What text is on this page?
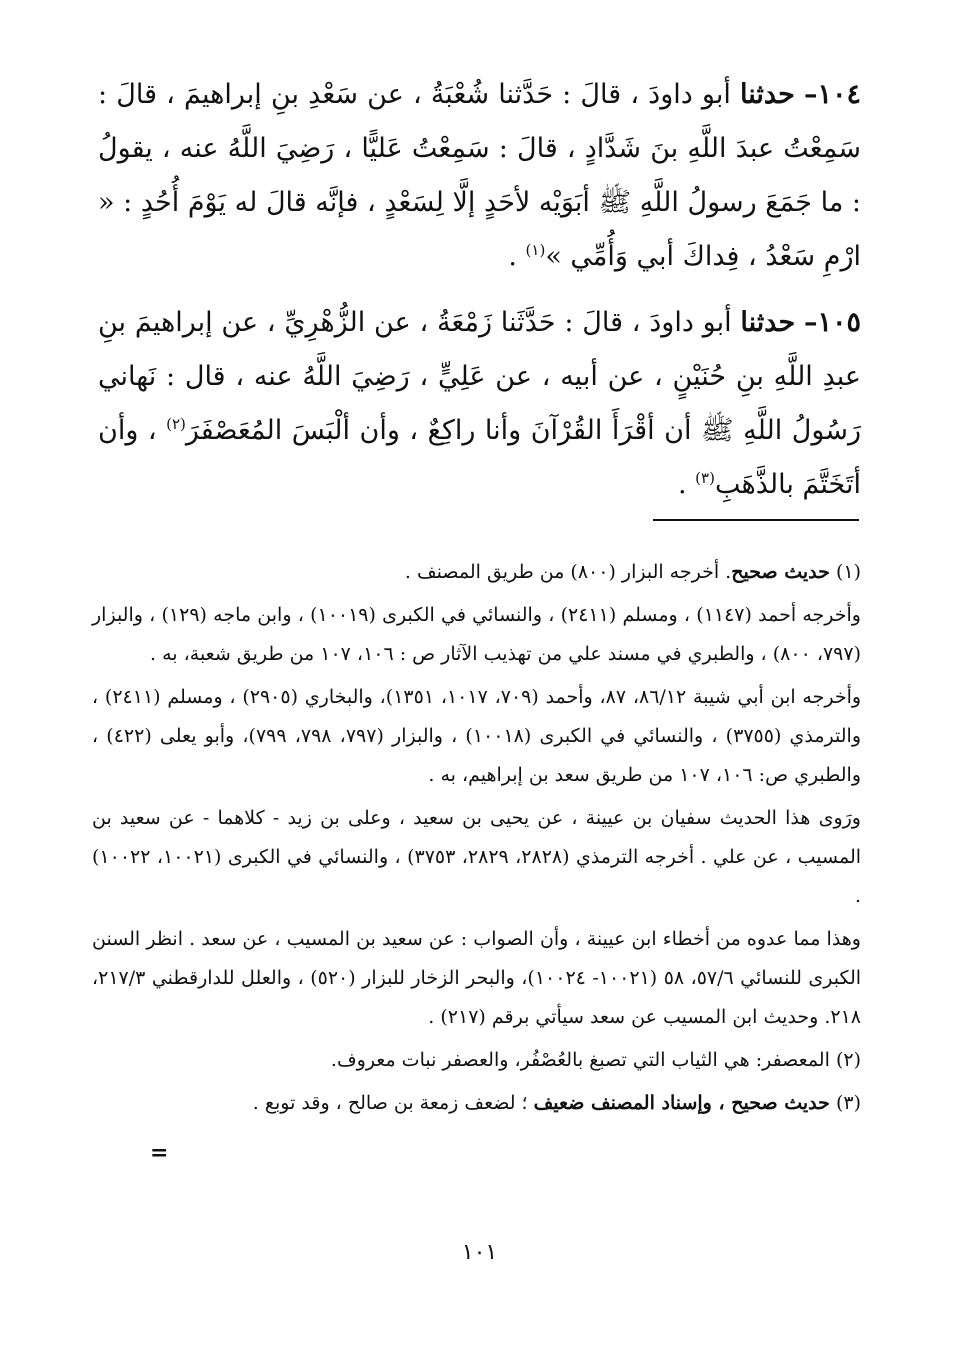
١٠٤– حدثنا أبو داودَ ، قالَ : حَدَّثنا شُعْبَةُ ، عن سَعْدِ بنِ إبراهيمَ ، قالَ : سَمِعْتُ عبدَ اللَّهِ بنَ شَدَّادٍ ، قالَ : سَمِعْتُ عَليًّا ، رَضِيَ اللَّهُ عنه ، يقولُ : ما جَمَعَ رسولُ اللَّهِ ﷺ أبَوَيْه لأحَدٍ إلَّا لِسَعْدٍ ، فإنَّه قالَ له يَوْمَ أُحُدٍ : « ارْمِ سَعْدُ ، فِداكَ أبي وَأُمِّي »$^{(١)}$ .

١٠٥– حدثنا أبو داودَ ، قالَ : حَدَّثَنا زَمْعَةُ ، عن الزُّهْرِيِّ ، عن إبراهيمَ بنِ عبدِ اللَّهِ بنِ حُنَيْنٍ ، عن أبيه ، عن عَلِيٍّ ، رَضِيَ اللَّهُ عنه ، قال : نَهاني رَسُولُ اللَّهِ ﷺ أن أقْرَأَ القُرْآنَ وأنا راكِعٌ ، وأن ألْبَسَ المُعَصْفَرَ$^{(٢)}$ ، وأن أتَخَتَّمَ بالذَّهَبِ$^{(٣)}$ .

(١) حديث صحيح. أخرجه البزار (٨٠٠) من طريق المصنف .

وأخرجه أحمد (١١٤٧) ، ومسلم (٢٤١١) ، والنسائي في الكبرى (١٠٠١٩) ، وابن ماجه (١٢٩) ، والبزار (٧٩٧، ٨٠٠) ، والطبري في مسند علي من تهذيب الآثار ص : ١٠٦، ١٠٧ من طريق شعبة، به .

وأخرجه ابن أبي شيبة ٨٦/١٢، ٨٧، وأحمد (٧٠٩، ١٠١٧، ١٣٥١)، والبخاري (٢٩٠٥) ، ومسلم (٢٤١١) ، والترمذي (٣٧٥٥) ، والنسائي في الكبرى (١٠٠١٨) ، والبزار (٧٩٧، ٧٩٨، ٧٩٩)، وأبو يعلى (٤٢٢) ، والطبري ص: ١٠٦، ١٠٧ من طريق سعد بن إبراهيم، به .

ورَوى هذا الحديث سفيان بن عيينة ، عن يحيى بن سعيد ، وعلى بن زيد - كلاهما - عن سعيد بن المسيب ، عن علي . أخرجه الترمذي (٢٨٢٨، ٢٨٢٩، ٣٧٥٣) ، والنسائي في الكبرى (١٠٠٢١، ١٠٠٢٢) .

وهذا مما عدوه من أخطاء ابن عيينة ، وأن الصواب : عن سعيد بن المسيب ، عن سعد . انظر السنن الكبرى للنسائي ٥٧/٦، ٥٨ (١٠٠٢١- ١٠٠٢٤)، والبحر الزخار للبزار (٥٢٠) ، والعلل للدارقطني ٢١٧/٣، ٢١٨. وحديث ابن المسيب عن سعد سيأتي برقم (٢١٧) .

(٢) المعصفر: هي الثياب التي تصبغ بالعُصْفُر، والعصفر نبات معروف.

(٣) حديث صحيح ، وإسناد المصنف ضعيف ؛ لضعف زمعة بن صالح ، وقد توبع .

=
١٠١
